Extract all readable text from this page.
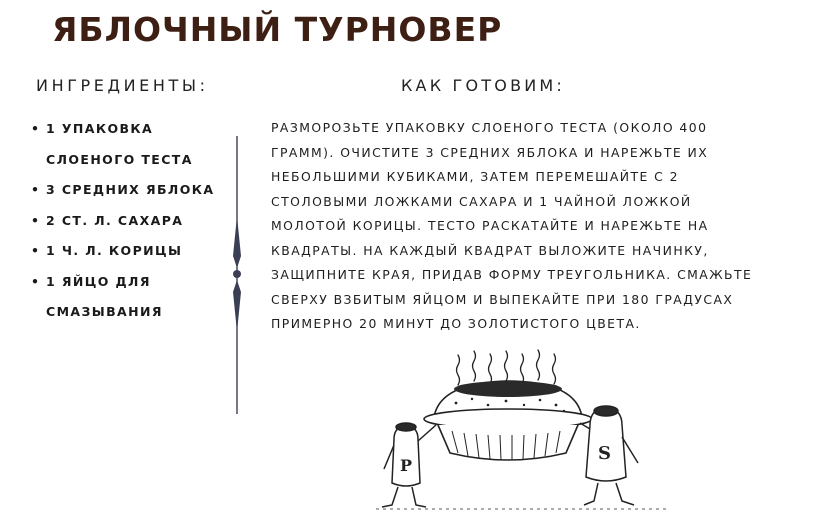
ЯБЛОЧНЫЙ ТУРНОВЕР
ИНГРЕДИЕНТЫ:	КАК ГОТОВИМ:
• 1 УПАКОВКА
СЛОЕНОГО ТЕСТА
• 3 СРЕДНИХ ЯБЛОКА
• 2 СТ. Л. САХАРА
• 1 Ч. Л. КОРИЦЫ
• 1 ЯЙЦО ДЛЯ
СМАЗЫВАНИЯ

РАЗМОРОЗЬТЕ УПАКОВКУ СЛОЕНОГО ТЕСТА (ОКОЛО 400
ГРАММ). ОЧИСТИТЕ 3 СРЕДНИХ ЯБЛОКА И НАРЕЖЬТЕ ИХ
НЕБОЛЬШИМИ КУБИКАМИ, ЗАТЕМ ПЕРЕМЕШАЙТЕ С 2
СТОЛОВЫМИ ЛОЖКАМИ САХАРА И 1 ЧАЙНОЙ ЛОЖКОЙ
МОЛОТОЙ КОРИЦЫ. ТЕСТО РАСКАТАЙТЕ И НАРЕЖЬТЕ НА
КВАДРАТЫ. НА КАЖДЫЙ КВАДРАТ ВЫЛОЖИТЕ НАЧИНКУ,
ЗАЩИПНИТЕ КРАЯ, ПРИДАВ ФОРМУ ТРЕУГОЛЬНИКА. СМАЖЬТЕ
СВЕРХУ ВЗБИТЫМ ЯЙЦОМ И ВЫПЕКАЙТЕ ПРИ 180 ГРАДУСАХ
ПРИМЕРНО 20 МИНУТ ДО ЗОЛОТИСТОГО ЦВЕТА.

P
S
